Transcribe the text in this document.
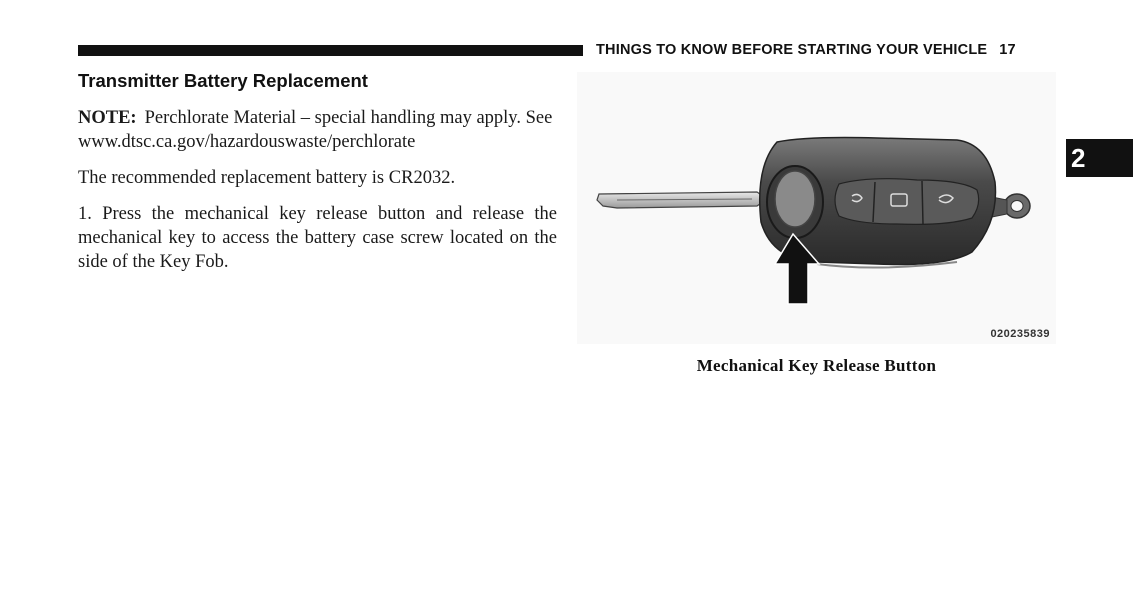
THINGS TO KNOW BEFORE STARTING YOUR VEHICLE 17
Transmitter Battery Replacement

NOTE: Perchlorate Material – special handling may apply. See www.dtsc.ca.gov/hazardouswaste/perchlorate

The recommended replacement battery is CR2032.

1. Press the mechanical key release button and release the mechanical key to access the battery case screw located on the side of the Key Fob.

020235839
Mechanical Key Release Button
2
